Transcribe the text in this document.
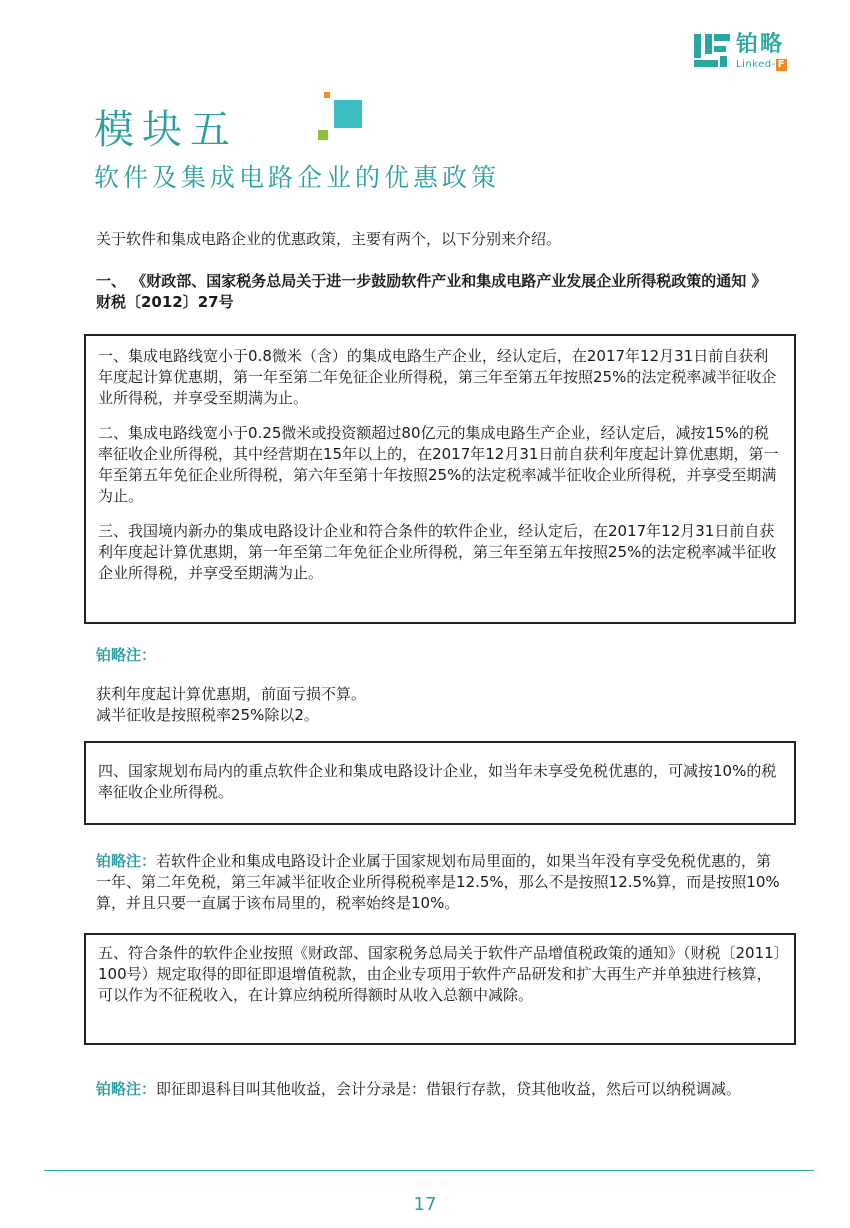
铂略
Linked- F
模块五
软件及集成电路企业的优惠政策

关于软件和集成电路企业的优惠政策，主要有两个，以下分别来介绍。

一、 《财政部、国家税务总局关于进一步鼓励软件产业和集成电路产业发展企业所得税政策的通知 》 财税〔2012〕27号

一、集成电路线宽小于0.8微米（含）的集成电路生产企业，经认定后，在2017年12月31日前自获利年度起计算优惠期，第一年至第二年免征企业所得税，第三年至第五年按照25%的法定税率减半征收企业所得税，并享受至期满为止。

二、集成电路线宽小于0.25微米或投资额超过80亿元的集成电路生产企业，经认定后，减按15%的税率征收企业所得税，其中经营期在15年以上的，在2017年12月31日前自获利年度起计算优惠期，第一年至第五年免征企业所得税，第六年至第十年按照25%的法定税率减半征收企业所得税，并享受至期满为止。

三、我国境内新办的集成电路设计企业和符合条件的软件企业，经认定后，在2017年12月31日前自获利年度起计算优惠期，第一年至第二年免征企业所得税，第三年至第五年按照25%的法定税率减半征收企业所得税，并享受至期满为止。

铂略注：

获利年度起计算优惠期，前面亏损不算。

减半征收是按照税率25%除以2。

四、国家规划布局内的重点软件企业和集成电路设计企业，如当年未享受免税优惠的，可减按10%的税率征收企业所得税。

铂略注：若软件企业和集成电路设计企业属于国家规划布局里面的，如果当年没有享受免税优惠的，第一年、第二年免税，第三年减半征收企业所得税税率是12.5%，那么不是按照12.5%算，而是按照10%算，并且只要一直属于该布局里的，税率始终是10%。

五、符合条件的软件企业按照《财政部、国家税务总局关于软件产品增值税政策的通知》（财税〔2011〕100号）规定取得的即征即退增值税款，由企业专项用于软件产品研发和扩大再生产并单独进行核算，可以作为不征税收入，在计算应纳税所得额时从收入总额中减除。

铂略注：即征即退科目叫其他收益，会计分录是：借银行存款，贷其他收益，然后可以纳税调减。

17
